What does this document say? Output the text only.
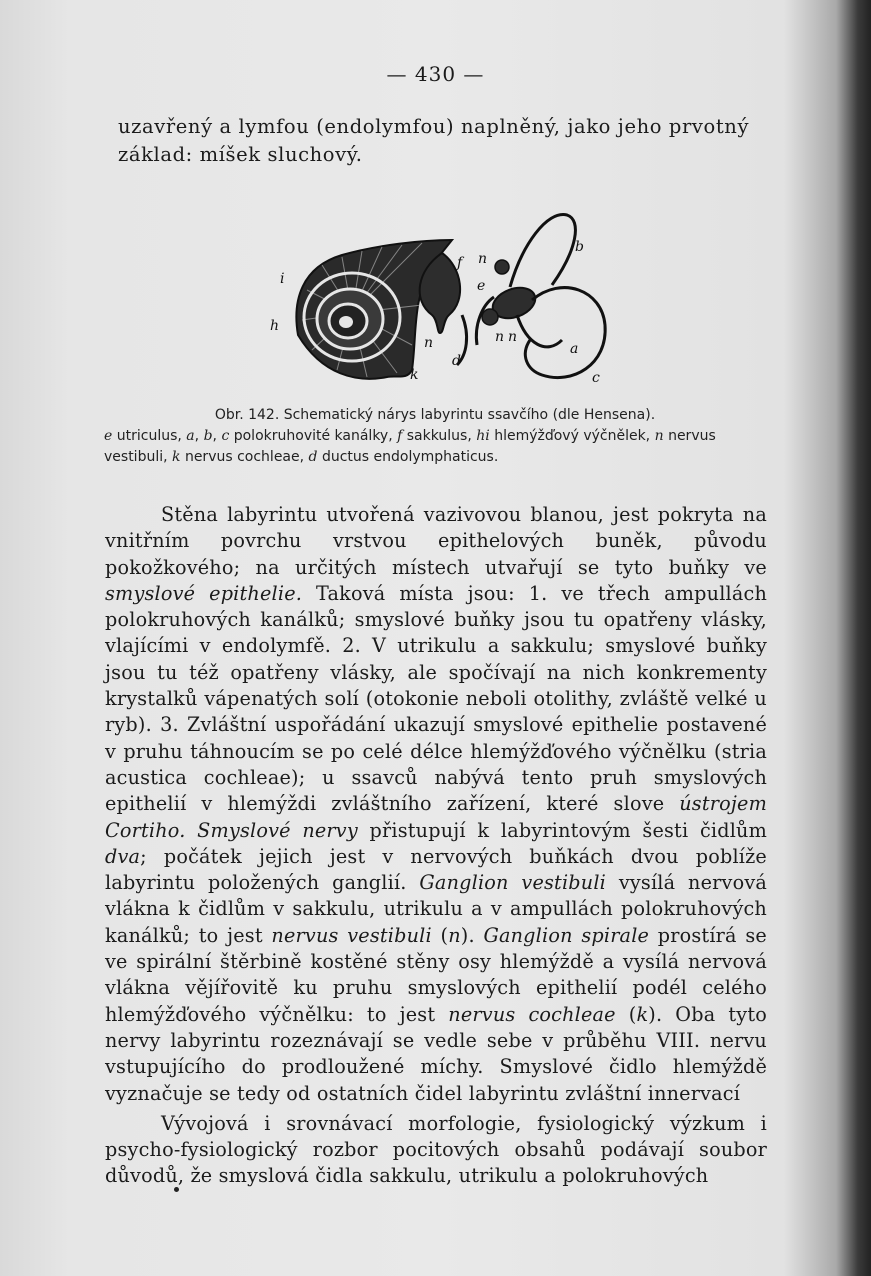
— 430 —

uzavřený a lymfou (endolymfou) naplněný, jako jeho prvotný základ: míšek sluchový.

i
h
k
f n
e
b
n n
d
n	a
c

Obr. 142. Schematický nárys labyrintu ssavčího (dle Hensena).
e utriculus, a, b, c polokruhovité kanálky, f sakkulus, hi hlemýžďový výčnělek, n nervus vestibuli, k nervus cochleae, d ductus endolymphaticus.

Stěna labyrintu utvořená vazivovou blanou, jest pokryta na vnitřním povrchu vrstvou epithelových buněk, původu pokožkového; na určitých místech utvařují se tyto buňky ve smyslové epithelie. Taková místa jsou: 1. ve třech ampullách polokruhových kanálků; smyslové buňky jsou tu opatřeny vlásky, vlajícími v endolymfě. 2. V utrikulu a sakkulu; smyslové buňky jsou tu též opatřeny vlásky, ale spočívají na nich konkrementy krystalků vápenatých solí (otokonie neboli otolithy, zvláště velké u ryb). 3. Zvláštní uspořádání ukazují smyslové epithelie postavené v pruhu táhnoucím se po celé délce hlemýžďového výčnělku (stria acustica cochleae); u ssavců nabývá tento pruh smyslových epithelií v hlemýždi zvláštního zařízení, které slove ústrojem Cortiho. Smyslové nervy přistupují k labyrintovým šesti čidlům dva; počátek jejich jest v nervových buňkách dvou poblíže labyrintu položených ganglií. Ganglion vestibuli vysílá nervová vlákna k čidlům v sakkulu, utrikulu a v ampullách polokruhových kanálků; to jest nervus vestibuli (n). Ganglion spirale prostírá se ve spirální štěrbině kostěné stěny osy hlemýždě a vysílá nervová vlákna vějířovitě ku pruhu smyslových epithelií podél celého hlemýžďového výčnělku: to jest nervus cochleae (k). Oba tyto nervy labyrintu rozeznávají se vedle sebe v průběhu VIII. nervu vstupujícího do prodloužené míchy. Smyslové čidlo hlemýždě vyznačuje se tedy od ostatních čidel labyrintu zvláštní innervací

Vývojová i srovnávací morfologie, fysiologický výzkum i psycho-fysiologický rozbor pocitových obsahů podávají soubor důvodů, že smyslová čidla sakkulu, utrikulu a polokruhových
